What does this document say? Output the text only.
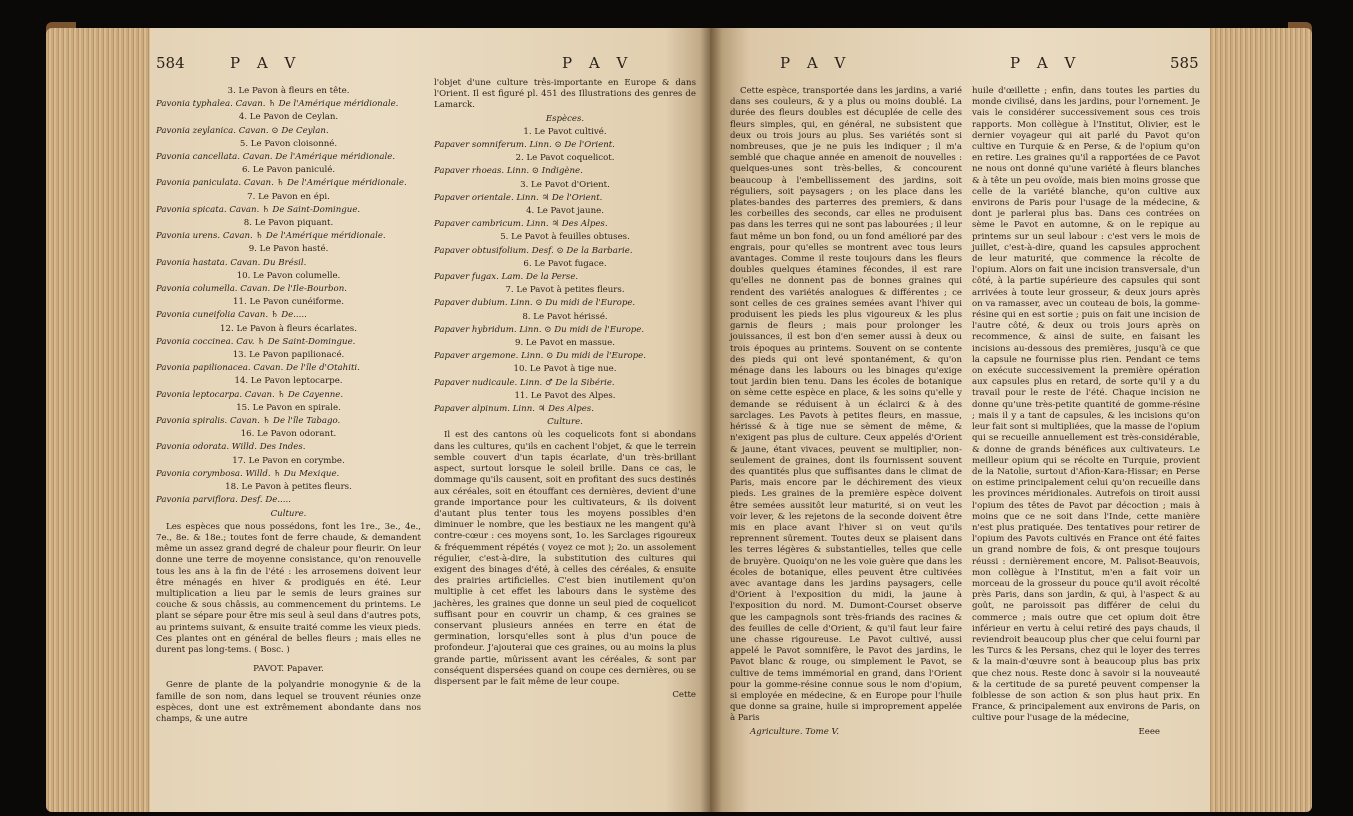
584	P A V	P A V

3. Le Pavon à fleurs en tête.

Pavonia typhalea. Cavan. ♄ De l'Amérique méridionale.

4. Le Pavon de Ceylan.

Pavonia zeylanica. Cavan. ⊙ De Ceylan.

5. Le Pavon cloisonné.

Pavonia cancellata. Cavan. De l'Amérique méridionale.

6. Le Pavon paniculé.

Pavonia paniculata. Cavan. ♄ De l'Amérique méridionale.

7. Le Pavon en épi.

Pavonia spicata. Cavan. ♄ De Saint-Domingue.

8. Le Pavon piquant.

Pavonia urens. Cavan. ♄ De l'Amérique méridionale.

9. Le Pavon hasté.

Pavonia hastata. Cavan. Du Brésil.

10. Le Pavon columelle.

Pavonia columella. Cavan. De l'Ile-Bourbon.

11. Le Pavon cunéiforme.

Pavonia cuneifolia Cavan. ♄ De.....

12. Le Pavon à fleurs écarlates.

Pavonia coccinea. Cav. ♄ De Saint-Domingue.

13. Le Pavon papilionacé.

Pavonia papilionacea. Cavan. De l'île d'Otahiti.

14. Le Pavon leptocarpe.

Pavonia leptocarpa. Cavan. ♄ De Cayenne.

15. Le Pavon en spirale.

Pavonia spiralis. Cavan. ♄ De l'île Tabago.

16. Le Pavon odorant.

Pavonia odorata. Willd. Des Indes.

17. Le Pavon en corymbe.

Pavonia corymbosa. Willd. ♄ Du Mexique.

18. Le Pavon à petites fleurs.

Pavonia parviflora. Desf. De.....

Culture.

Les espèces que nous possédons, font les 1re., 3e., 4e., 7e., 8e. & 18e.; toutes font de ferre chaude, & demandent même un assez grand degré de chaleur pour fleurir. On leur donne une terre de moyenne consistance, qu'on renouvelle tous les ans à la fin de l'été : les arrosemens doivent leur être ménagés en hiver & prodigués en été. Leur multiplication a lieu par le semis de leurs graines sur couche & sous châssis, au commencement du printems. Le plant se sépare pour être mis seul à seul dans d'autres pots, au printems suivant, & ensuite traité comme les vieux pieds. Ces plantes ont en général de belles fleurs ; mais elles ne durent pas long-tems. ( Bosc. )

PAVOT. Papaver.

Genre de plante de la polyandrie monogynie & de la famille de son nom, dans lequel se trouvent réunies onze espèces, dont une est extrêmement abondante dans nos champs, & une autre

l'objet d'une culture très-importante en Europe & dans l'Orient. Il est figuré pl. 451 des Illustrations des genres de Lamarck.

Espèces.

1. Le Pavot cultivé.

Papaver somniferum. Linn. ⊙ De l'Orient.

2. Le Pavot coquelicot.

Papaver rhoeas. Linn. ⊙ Indigène.

3. Le Pavot d'Orient.

Papaver orientale. Linn. ♃ De l'Orient.

4. Le Pavot jaune.

Papaver cambricum. Linn. ♃ Des Alpes.

5. Le Pavot à feuilles obtuses.

Papaver obtusifolium. Desf. ⊙ De la Barbarie.

6. Le Pavot fugace.

Papaver fugax. Lam. De la Perse.

7. Le Pavot à petites fleurs.

Papaver dubium. Linn. ⊙ Du midi de l'Europe.

8. Le Pavot hérissé.

Papaver hybridum. Linn. ⊙ Du midi de l'Europe.

9. Le Pavot en massue.

Papaver argemone. Linn. ⊙ Du midi de l'Europe.

10. Le Pavot à tige nue.

Papaver nudicaule. Linn. ♂ De la Sibérie.

11. Le Pavot des Alpes.

Papaver alpinum. Linn. ♃ Des Alpes.

Culture.

Il est des cantons où les coquelicots font si abondans dans les cultures, qu'ils en cachent l'objet, & que le terrein semble couvert d'un tapis écarlate, d'un très-brillant aspect, surtout lorsque le soleil brille. Dans ce cas, le dommage qu'ils causent, soit en profitant des sucs destinés aux céréales, soit en étouffant ces dernières, devient d'une grande importance pour les cultivateurs, & ils doivent d'autant plus tenter tous les moyens possibles d'en diminuer le nombre, que les bestiaux ne les mangent qu'à contre-cœur : ces moyens sont, 1o. les Sarclages rigoureux & fréquemment répétés ( voyez ce mot ); 2o. un assolement régulier, c'est-à-dire, la substitution des cultures qui exigent des binages d'été, à celles des céréales, & ensuite des prairies artificielles. C'est bien inutilement qu'on multiplie à cet effet les labours dans le système des jachères, les graines que donne un seul pied de coquelicot suffisant pour en couvrir un champ, & ces graines se conservant plusieurs années en terre en état de germination, lorsqu'elles sont à plus d'un pouce de profondeur. J'ajouterai que ces graines, ou au moins la plus grande partie, mûrissent avant les céréales, & sont par conséquent dispersées quand on coupe ces dernières, ou se dispersent par le fait même de leur coupe.

Cette

P A V	P A V	585

Cette espèce, transportée dans les jardins, a varié dans ses couleurs, & y a plus ou moins doublé. La durée des fleurs doubles est décuplée de celle des fleurs simples, qui, en général, ne subsistent que deux ou trois jours au plus. Ses variétés sont si nombreuses, que je ne puis les indiquer ; il m'a semblé que chaque année en amenoit de nouvelles : quelques-unes sont très-belles, & concourent beaucoup à l'embellissement des jardins, soit réguliers, soit paysagers ; on les place dans les plates-bandes des parterres des premiers, & dans les corbeilles des seconds, car elles ne produisent pas dans les terres qui ne sont pas labourées ; il leur faut même un bon fond, ou un fond amélioré par des engrais, pour qu'elles se montrent avec tous leurs avantages. Comme il reste toujours dans les fleurs doubles quelques étamines fécondes, il est rare qu'elles ne donnent pas de bonnes graines qui rendent des variétés analogues & différentes ; ce sont celles de ces graines semées avant l'hiver qui produisent les pieds les plus vigoureux & les plus garnis de fleurs ; mais pour prolonger les jouissances, il est bon d'en semer aussi à deux ou trois époques au printems. Souvent on se contente des pieds qui ont levé spontanément, & qu'on ménage dans les labours ou les binages qu'exige tout jardin bien tenu. Dans les écoles de botanique on sème cette espèce en place, & les soins qu'elle y demande se réduisent à un éclairci & à des sarclages. Les Pavots à petites fleurs, en massue, hérissé & à tige nue se sèment de même, & n'exigent pas plus de culture. Ceux appelés d'Orient & jaune, étant vivaces, peuvent se multiplier, non-seulement de graines, dont ils fournissent souvent des quantités plus que suffisantes dans le climat de Paris, mais encore par le déchirement des vieux pieds. Les graines de la première espèce doivent être semées aussitôt leur maturité, si on veut les voir lever, & les rejetons de la seconde doivent être mis en place avant l'hiver si on veut qu'ils reprennent sûrement. Toutes deux se plaisent dans les terres légères & substantielles, telles que celle de bruyère. Quoiqu'on ne les voie guère que dans les écoles de botanique, elles peuvent être cultivées avec avantage dans les jardins paysagers, celle d'Orient à l'exposition du midi, la jaune à l'exposition du nord. M. Dumont-Courset observe que les campagnols sont très-friands des racines & des feuilles de celle d'Orient, & qu'il faut leur faire une chasse rigoureuse. Le Pavot cultivé, aussi appelé le Pavot somnifère, le Pavot des jardins, le Pavot blanc & rouge, ou simplement le Pavot, se cultive de tems immémorial en grand, dans l'Orient pour la gomme-résine connue sous le nom d'opium, si employée en médecine, & en Europe pour l'huile que donne sa graine, huile si improprement appelée à Paris

Agriculture. Tome V.

huile d'œillette ; enfin, dans toutes les parties du monde civilisé, dans les jardins, pour l'ornement. Je vais le considérer successivement sous ces trois rapports. Mon collègue à l'Institut, Olivier, est le dernier voyageur qui ait parlé du Pavot qu'on cultive en Turquie & en Perse, & de l'opium qu'on en retire. Les graines qu'il a rapportées de ce Pavot ne nous ont donné qu'une variété à fleurs blanches & à tête un peu ovoïde, mais bien moins grosse que celle de la variété blanche, qu'on cultive aux environs de Paris pour l'usage de la médecine, & dont je parlerai plus bas. Dans ces contrées on sème le Pavot en automne, & on le repique au printems sur un seul labour : c'est vers le mois de juillet, c'est-à-dire, quand les capsules approchent de leur maturité, que commence la récolte de l'opium. Alors on fait une incision transversale, d'un côté, à la partie supérieure des capsules qui sont arrivées à toute leur grosseur, & deux jours après on va ramasser, avec un couteau de bois, la gomme-résine qui en est sortie ; puis on fait une incision de l'autre côté, & deux ou trois jours après on recommence, & ainsi de suite, en faisant les incisions au-dessous des premières, jusqu'à ce que la capsule ne fournisse plus rien. Pendant ce tems on exécute successivement la première opération aux capsules plus en retard, de sorte qu'il y a du travail pour le reste de l'été. Chaque incision ne donne qu'une très-petite quantité de gomme-résine ; mais il y a tant de capsules, & les incisions qu'on leur fait sont si multipliées, que la masse de l'opium qui se recueille annuellement est très-considérable, & donne de grands bénéfices aux cultivateurs. Le meilleur opium qui se récolte en Turquie, provient de la Natolie, surtout d'Afion-Kara-Hissar; en Perse on estime principalement celui qu'on recueille dans les provinces méridionales. Autrefois on tiroit aussi l'opium des têtes de Pavot par décoction ; mais à moins que ce ne soit dans l'Inde, cette manière n'est plus pratiquée. Des tentatives pour retirer de l'opium des Pavots cultivés en France ont été faites un grand nombre de fois, & ont presque toujours réussi : dernièrement encore, M. Palisot-Beauvois, mon collègue à l'Institut, m'en a fait voir un morceau de la grosseur du pouce qu'il avoit récolté près Paris, dans son jardin, & qui, à l'aspect & au goût, ne paroissoit pas différer de celui du commerce ; mais outre que cet opium doit être inférieur en vertu à celui retiré des pays chauds, il reviendroit beaucoup plus cher que celui fourni par les Turcs & les Persans, chez qui le loyer des terres & la main-d'œuvre sont à beaucoup plus bas prix que chez nous. Reste donc à savoir si la nouveauté & la certitude de sa pureté peuvent compenser la foiblesse de son action & son plus haut prix. En France, & principalement aux environs de Paris, on cultive pour l'usage de la médecine,

Eeee
